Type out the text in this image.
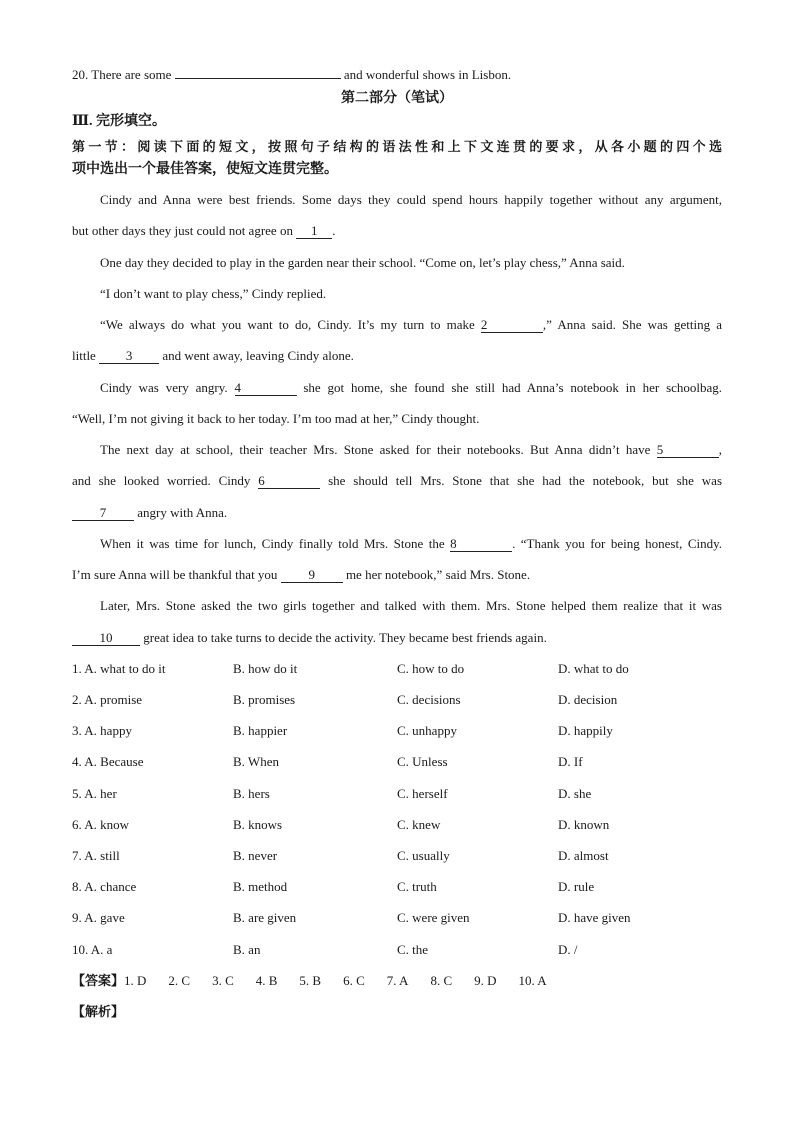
20. There are some	and wonderful shows in Lisbon.
第二部分（笔试）
Ⅲ. 完形填空。
第一节：阅读下面的短文，按照句子结构的语法性和上下文连贯的要求，从各小题的四个选
项中选出一个最佳答案，使短文连贯完整。
Cindy and Anna were best friends. Some days they could spend hours happily together without any argument,
but other days they just could not agree on 1 .
One day they decided to play in the garden near their school. “Come on, let’s play chess,” Anna said.
“I don’t want to play chess,” Cindy replied.
“We always do what you want to do, Cindy. It’s my turn to make 2	,” Anna said. She was getting a
little 3 and went away, leaving Cindy alone.
Cindy was very angry. 4	she got home, she found she still had Anna’s notebook in her schoolbag.
“Well, I’m not giving it back to her today. I’m too mad at her,” Cindy thought.
The next day at school, their teacher Mrs. Stone asked for their notebooks. But Anna didn’t have 5	,
and she looked worried. Cindy 6	she should tell Mrs. Stone that she had the notebook, but she was
7 angry with Anna.
When it was time for lunch, Cindy finally told Mrs. Stone the 8	. “Thank you for being honest, Cindy.
I’m sure Anna will be thankful that you 9 me her notebook,” said Mrs. Stone.
Later, Mrs. Stone asked the two girls together and talked with them. Mrs. Stone helped them realize that it was
10 great idea to take turns to decide the activity. They became best friends again.
1. A. what to do it	B. how do it	C. how to do	D. what to do
2. A. promise	B. promises	C. decisions	D. decision
3. A. happy	B. happier	C. unhappy	D. happily
4. A. Because	B. When	C. Unless	D. If
5. A. her	B. hers	C. herself	D. she
6. A. know	B. knows	C. knew	D. known
7. A. still	B. never	C. usually	D. almost
8. A. chance	B. method	C. truth	D. rule
9. A. gave	B. are given	C. were given	D. have given
10. A. a	B. an	C. the	D. /
【答案】1. D 2. C 3. C 4. B 5. B 6. C 7. A 8. C 9. D 10. A
【解析】
